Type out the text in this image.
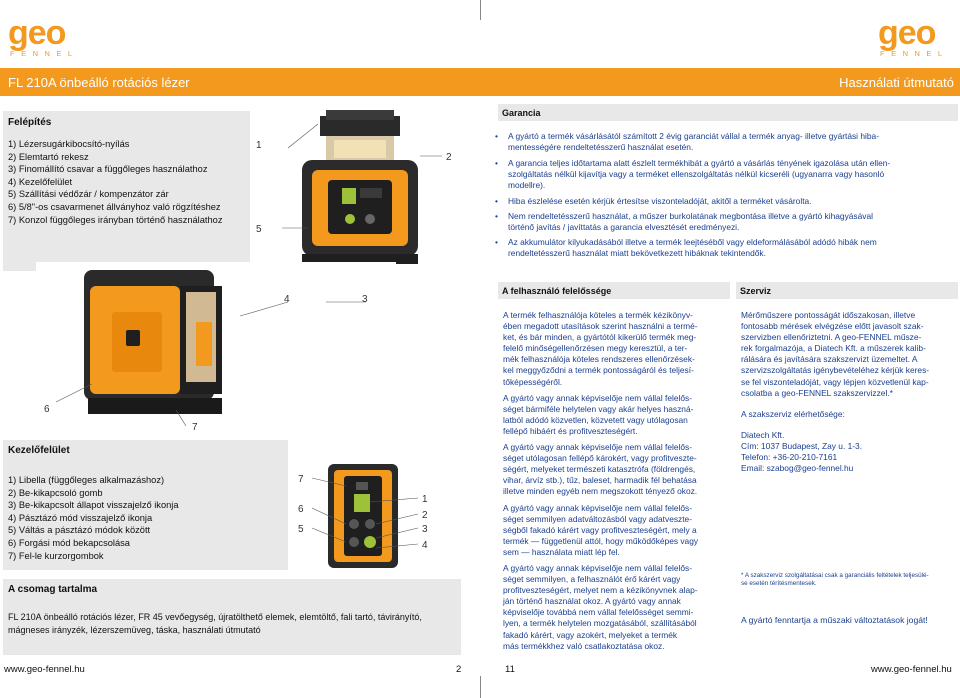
geo
FENNEL
geo
FENNEL
FL 210A önbeálló rotációs lézer	Használati útmutató
Felépítés
1) Lézersugárkibocsító-nyílás
2) Elemtartó rekesz
3) Finomállító csavar a függőleges használathoz
4) Kezelőfelület
5) Szállítási védőzár / kompenzátor zár
6) 5/8"-os csavarmenet állványhoz való rögzítéshez
7) Konzol függőleges irányban történő használathoz
1
2
5
4	3
6
7
Kezelőfelület
1) Libella (függőleges alkalmazáshoz)
2) Be-kikapcsoló gomb
3) Be-kikapcsolt állapot visszajelző ikonja
4) Pásztázó mód visszajelző ikonja
5) Váltás a pásztázó módok között
6) Forgási mód bekapcsolása
7) Fel-le kurzorgombok
7
6
5
1
2
3
4
A csomag tartalma
FL 210A önbeálló rotációs lézer, FR 45 vevőegység, újratölthető elemek, elemtöltő, fali tartó, távirányító,
mágneses irányzék, lézerszemüveg, táska, használati útmutató
Garancia
• A gyártó a termék vásárlásától számított 2 évig garanciát vállal a termék anyag- illetve gyártási hiba-
mentességére rendeltetésszerű használat esetén.
• A garancia teljes időtartama alatt észlelt termékhibát a gyártó a vásárlás tényének igazolása után ellen-
szolgáltatás nélkül kijavítja vagy a terméket ellenszolgáltatás nélkül kicseréli (ugyanarra vagy hasonló
modellre).
• Hiba észlelése esetén kérjük értesítse viszonteladóját, akitől a terméket vásárolta.
• Nem rendeltetésszerű használat, a műszer burkolatának megbontása illetve a gyártó kihagyásával
történő javítás / javíttatás a garancia elvesztését eredményezi.
• Az akkumulátor kilyukadásából illetve a termék leejtéséből vagy eldeformálásából adódó hibák nem
rendeltetésszerű használat miatt bekövetkezett hibáknak tekintendők.
A felhasználó felelőssége
A termék felhasználója köteles a termék kézikönyv-
ében megadott utasítások szerint használni a termé-
ket, és bár minden, a gyártótól kikerülő termék meg-
felelő minőségellenőrzésen megy keresztül, a ter-
mék felhasználója köteles rendszeres ellenőrzések-
kel meggyőződni a termék pontosságáról és teljesí-
tőképességéről.
A gyártó vagy annak képviselője nem vállal felelős-
séget bármiféle helytelen vagy akár helyes haszná-
latból adódó közvetlen, közvetett vagy utólagosan
fellépő hibáért és profitveszteségért.
A gyártó vagy annak képviselője nem vállal felelős-
séget utólagosan fellépő károkért, vagy profitveszte-
ségért, melyeket természeti katasztrófa (földrengés,
vihar, árvíz stb.), tűz, baleset, harmadik fél behatása
illetve minden egyéb nem megszokott tényező okoz.
A gyártó vagy annak képviselője nem vállal felelős-
séget semmilyen adatváltozásból vagy adatveszte-
ségből fakadó kárért vagy profitveszteségért, mely a
termék — függetlenül attól, hogy működőképes vagy
sem — használata miatt lép fel.
A gyártó vagy annak képviselője nem vállal felelős-
séget semmilyen, a felhasználót érő kárért vagy
profitveszteségért, melyet nem a kézikönyvnek alap-
ján történő használat okoz. A gyártó vagy annak
képviselője továbbá nem vállal felelősséget semmi-
lyen, a termék helytelen mozgatásából, szállításából
fakadó kárért, vagy azokért, melyeket a termék
más termékkhez való csatlakoztatása okoz.
Szerviz
Mérőműszere pontosságát időszakosan, illetve
fontosabb mérések elvégzése előtt javasolt szak-
szervizben ellenőriztetni. A geo-FENNEL műsze-
rek forgalmazója, a Diatech Kft. a műszerek kalib-
rálására és javítására szakszervizt üzemeltet. A
szervizszolgáltatás igénybevételéhez kérjük keres-
se fel viszonteladóját, vagy lépjen közvetlenül kap-
csolatba a geo-FENNEL szakszervizzel.*
A szakszerviz elérhetősége:
Diatech Kft.
Cím: 1037 Budapest, Zay u. 1-3.
Telefon: +36-20-210-7161
Email: szabog@geo-fennel.hu
* A szakszerviz szolgáltatásai csak a garanciális feltételek teljesülé-
se esetén térítésmentesek.
A gyártó fenntartja a műszaki változtatások jogát!
www.geo-fennel.hu	2	11	www.geo-fennel.hu
